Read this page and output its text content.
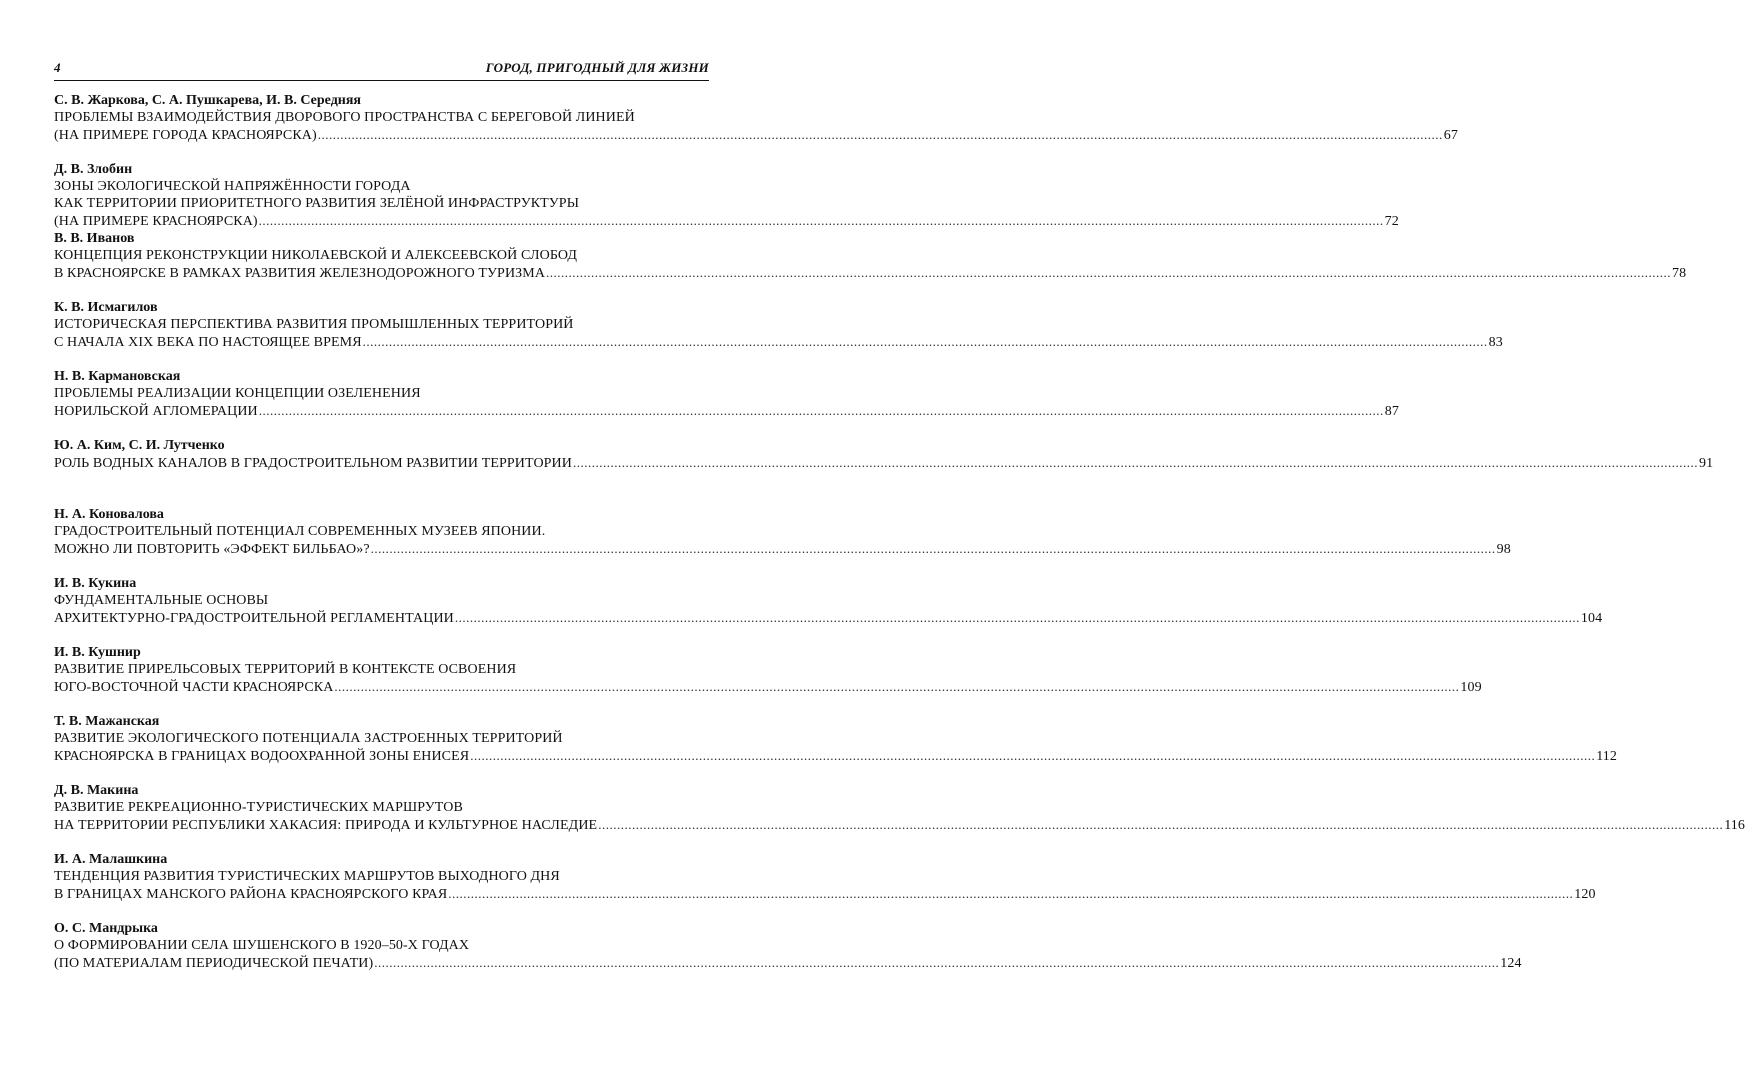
4	ГОРОД, ПРИГОДНЫЙ ДЛЯ ЖИЗНИ
С. В. Жаркова, С. А. Пушкарева, И. В. Середняя
ПРОБЛЕМЫ ВЗАИМОДЕЙСТВИЯ ДВОРОВОГО ПРОСТРАНСТВА С БЕРЕГОВОЙ ЛИНИЕЙ
(НА ПРИМЕРЕ ГОРОДА КРАСНОЯРСКА) ............................................................................................................................................................................................................................................................................................................ 67
Д. В. Злобин
ЗОНЫ ЭКОЛОГИЧЕСКОЙ НАПРЯЖЁННОСТИ ГОРОДА
КАК ТЕРРИТОРИИ ПРИОРИТЕТНОГО РАЗВИТИЯ ЗЕЛЁНОЙ ИНФРАСТРУКТУРЫ
(НА ПРИМЕРЕ КРАСНОЯРСКА) ............................................................................................................................................................................................................................................................................................................ 72
В. В. Иванов
КОНЦЕПЦИЯ РЕКОНСТРУКЦИИ НИКОЛАЕВСКОЙ И АЛЕКСЕЕВСКОЙ СЛОБОД
В КРАСНОЯРСКЕ В РАМКАХ РАЗВИТИЯ ЖЕЛЕЗНОДОРОЖНОГО ТУРИЗМА ............................................................................................................................................................................................................................................................................................................ 78
К. В. Исмагилов
ИСТОРИЧЕСКАЯ ПЕРСПЕКТИВА РАЗВИТИЯ ПРОМЫШЛЕННЫХ ТЕРРИТОРИЙ
С НАЧАЛА XIX ВЕКА ПО НАСТОЯЩЕЕ ВРЕМЯ ............................................................................................................................................................................................................................................................................................................ 83
Н. В. Кармановская
ПРОБЛЕМЫ РЕАЛИЗАЦИИ КОНЦЕПЦИИ ОЗЕЛЕНЕНИЯ
НОРИЛЬСКОЙ АГЛОМЕРАЦИИ ............................................................................................................................................................................................................................................................................................................ 87
Ю. А. Ким, С. И. Лутченко
РОЛЬ ВОДНЫХ КАНАЛОВ В ГРАДОСТРОИТЕЛЬНОМ РАЗВИТИИ ТЕРРИТОРИИ ............................................................................................................................................................................................................................................................................................................ 91
Н. А. Коновалова
ГРАДОСТРОИТЕЛЬНЫЙ ПОТЕНЦИАЛ СОВРЕМЕННЫХ МУЗЕЕВ ЯПОНИИ.
МОЖНО ЛИ ПОВТОРИТЬ «ЭФФЕКТ БИЛЬБАО»? ............................................................................................................................................................................................................................................................................................................ 98
И. В. Кукина
ФУНДАМЕНТАЛЬНЫЕ ОСНОВЫ
АРХИТЕКТУРНО-ГРАДОСТРОИТЕЛЬНОЙ РЕГЛАМЕНТАЦИИ ............................................................................................................................................................................................................................................................................................................ 104
И. В. Кушнир
РАЗВИТИЕ ПРИРЕЛЬСОВЫХ ТЕРРИТОРИЙ В КОНТЕКСТЕ ОСВОЕНИЯ
ЮГО-ВОСТОЧНОЙ ЧАСТИ КРАСНОЯРСКА ............................................................................................................................................................................................................................................................................................................ 109
Т. В. Мажанская
РАЗВИТИЕ ЭКОЛОГИЧЕСКОГО ПОТЕНЦИАЛА ЗАСТРОЕННЫХ ТЕРРИТОРИЙ
КРАСНОЯРСКА В ГРАНИЦАХ ВОДООХРАННОЙ ЗОНЫ ЕНИСЕЯ ............................................................................................................................................................................................................................................................................................................ 112
Д. В. Макина
РАЗВИТИЕ РЕКРЕАЦИОННО-ТУРИСТИЧЕСКИХ МАРШРУТОВ
НА ТЕРРИТОРИИ РЕСПУБЛИКИ ХАКАСИЯ: ПРИРОДА И КУЛЬТУРНОЕ НАСЛЕДИЕ ............................................................................................................................................................................................................................................................................................................ 116
И. А. Малашкина
ТЕНДЕНЦИЯ РАЗВИТИЯ ТУРИСТИЧЕСКИХ МАРШРУТОВ ВЫХОДНОГО ДНЯ
В ГРАНИЦАХ МАНСКОГО РАЙОНА КРАСНОЯРСКОГО КРАЯ ............................................................................................................................................................................................................................................................................................................ 120
О. С. Мандрыка
О ФОРМИРОВАНИИ СЕЛА ШУШЕНСКОГО В 1920–50-Х ГОДАХ
(ПО МАТЕРИАЛАМ ПЕРИОДИЧЕСКОЙ ПЕЧАТИ) ............................................................................................................................................................................................................................................................................................................ 124
